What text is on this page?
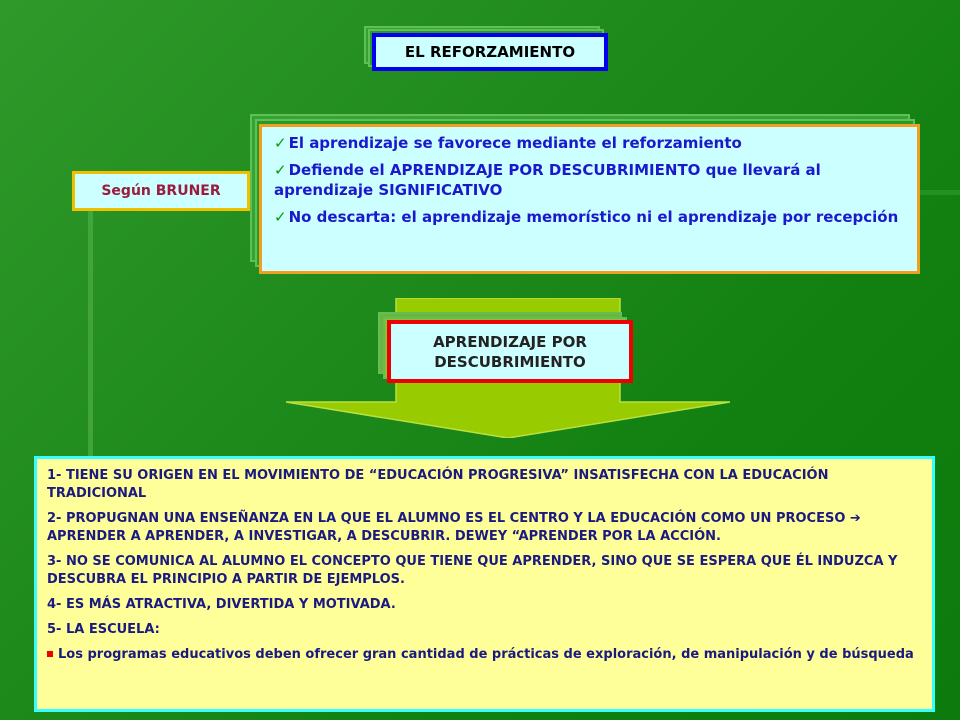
EL REFORZAMIENTO
Según BRUNER
✓ El aprendizaje se favorece mediante el reforzamiento
✓ Defiende el APRENDIZAJE POR DESCUBRIMIENTO que llevará al aprendizaje SIGNIFICATIVO
✓ No descarta: el aprendizaje memorístico ni el aprendizaje por recepción
APRENDIZAJE POR
DESCUBRIMIENTO
1- TIENE SU ORIGEN EN EL MOVIMIENTO DE “EDUCACIÓN PROGRESIVA” INSATISFECHA CON LA EDUCACIÓN TRADICIONAL
2- PROPUGNAN UNA ENSEÑANZA EN LA QUE EL ALUMNO ES EL CENTRO Y LA EDUCACIÓN COMO UN PROCESO ➔ APRENDER A APRENDER, A INVESTIGAR, A DESCUBRIR. DEWEY “APRENDER POR LA ACCIÓN.
3- NO SE COMUNICA AL ALUMNO EL CONCEPTO QUE TIENE QUE APRENDER, SINO QUE SE ESPERA QUE ÉL INDUZCA Y DESCUBRA EL PRINCIPIO A PARTIR DE EJEMPLOS.
4- ES MÁS ATRACTIVA, DIVERTIDA Y MOTIVADA.
5- LA ESCUELA:
Los programas educativos deben ofrecer gran cantidad de prácticas de exploración, de manipulación y de búsqueda
